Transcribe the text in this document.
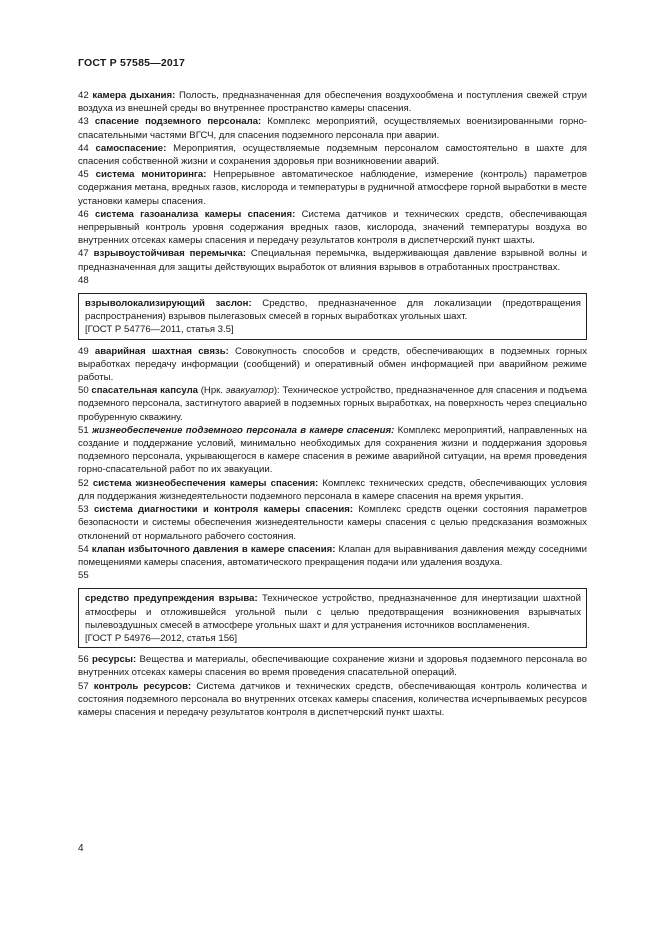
ГОСТ Р 57585—2017

42 камера дыхания: Полость, предназначенная для обеспечения воздухообмена и поступления свежей струи воздуха из внешней среды во внутреннее пространство камеры спасения.

43 спасение подземного персонала: Комплекс мероприятий, осуществляемых военизированными горно-спасательными частями ВГСЧ, для спасения подземного персонала при аварии.

44 самоспасение: Мероприятия, осуществляемые подземным персоналом самостоятельно в шахте для спасения собственной жизни и сохранения здоровья при возникновении аварий.

45 система мониторинга: Непрерывное автоматическое наблюдение, измерение (контроль) параметров содержания метана, вредных газов, кислорода и температуры в рудничной атмосфере горной выработки в месте установки камеры спасения.

46 система газоанализа камеры спасения: Система датчиков и технических средств, обеспечивающая непрерывный контроль уровня содержания вредных газов, кислорода, значений температуры воздуха во внутренних отсеках камеры спасения и передачу результатов контроля в диспетчерский пункт шахты.

47 взрывоустойчивая перемычка: Специальная перемычка, выдерживающая давление взрывной волны и предназначенная для защиты действующих выработок от влияния взрывов в отработанных пространствах.

48

взрыволокализирующий заслон: Средство, предназначенное для локализации (предотвращения распространения) взрывов пылегазовых смесей в горных выработках угольных шахт.

[ГОСТ Р 54776—2011, статья 3.5]

49 аварийная шахтная связь: Совокупность способов и средств, обеспечивающих в подземных горных выработках передачу информации (сообщений) и оперативный обмен информацией при аварийном режиме работы.

50 спасательная капсула (Нрк. эвакуатор): Техническое устройство, предназначенное для спасения и подъема подземного персонала, застигнутого аварией в подземных горных выработках, на поверхность через специально пробуренную скважину.

51 жизнеобеспечение подземного персонала в камере спасения: Комплекс мероприятий, направленных на создание и поддержание условий, минимально необходимых для сохранения жизни и поддержания здоровья подземного персонала, укрывающегося в камере спасения в режиме аварийной ситуации, на время проведения горно-спасательной работ по их эвакуации.

52 система жизнеобеспечения камеры спасения: Комплекс технических средств, обеспечивающих условия для поддержания жизнедеятельности подземного персонала в камере спасения на время укрытия.

53 система диагностики и контроля камеры спасения: Комплекс средств оценки состояния параметров безопасности и системы обеспечения жизнедеятельности камеры спасения с целью предсказания возможных отклонений от нормального рабочего состояния.

54 клапан избыточного давления в камере спасения: Клапан для выравнивания давления между соседними помещениями камеры спасения, автоматического прекращения подачи или удаления воздуха.

55

средство предупреждения взрыва: Техническое устройство, предназначенное для инертизации шахтной атмосферы и отложившейся угольной пыли с целью предотвращения возникновения взрывчатых пылевоздушных смесей в атмосфере угольных шахт и для устранения источников воспламенения.

[ГОСТ Р 54976—2012, статья 156]

56 ресурсы: Вещества и материалы, обеспечивающие сохранение жизни и здоровья подземного персонала во внутренних отсеках камеры спасения во время проведения спасательной операций.

57 контроль ресурсов: Система датчиков и технических средств, обеспечивающая контроль количества и состояния подземного персонала во внутренних отсеках камеры спасения, количества исчерпываемых ресурсов камеры спасения и передачу результатов контроля в диспетчерский пункт шахты.

4
